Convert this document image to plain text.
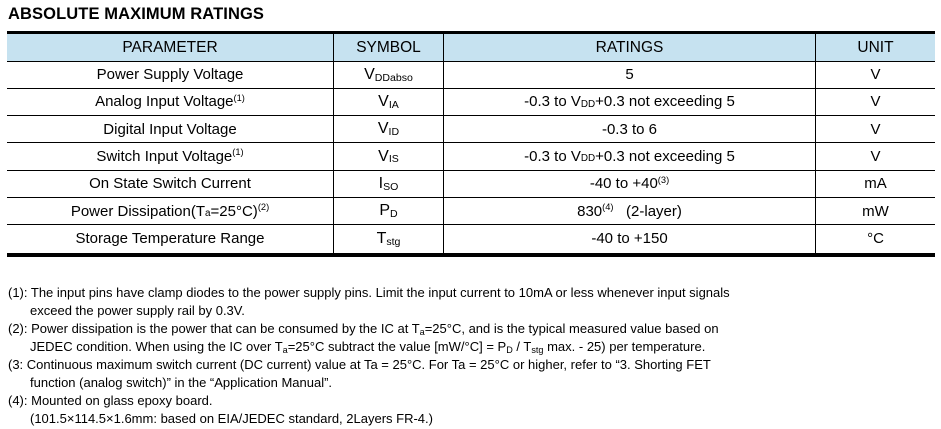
ABSOLUTE MAXIMUM RATINGS
PARAMETER	SYMBOL	RATINGS	UNIT
Power Supply Voltage	$V_{DDabso}$	5	V
Analog Input Voltage$^{(1)}$	$V_{IA}$	-0.3 to $V_{DD} +0.3$ not exceeding 5	V
Digital Input Voltage	$V_{ID}$	-0.3 to 6	V
Switch Input Voltage$^{(1)}$	$V_{IS}$	-0.3 to $V_{DD} +0.3$ not exceeding 5	V
On State Switch Current	$I_{SO}$	-40 to $+40^{(3)}$	mA
Power $Dissipation(T_a =25^\circ C)^{(2)}$	$P_D$	830$^{(4)}$ (2-layer)	mW
Storage Temperature Range	$T_{stg}$	-40 to +150	°C
(1): The input pins have clamp diodes to the power supply pins. Limit the input current to 10mA or less whenever input signals
exceed the power supply rail by 0.3V.
(2): Power dissipation is the power that can be consumed by the IC at $T_a=25^\circ C$, and is the typical measured value based on
JEDEC condition. When using the IC over $T_a=25^\circ C$ subtract the value $[mW/^\circ C] = P_D / T_{stg}$ max. - 25) per temperature.
(3: Continuous maximum switch current (DC current) value at Ta = 25°C. For Ta = 25°C or higher, refer to “3. Shorting FET
function (analog switch)” in the “Application Manual”.
(4): Mounted on glass epoxy board.
(101.5×114.5×1.6mm: based on EIA/JEDEC standard, 2Layers FR-4.)
